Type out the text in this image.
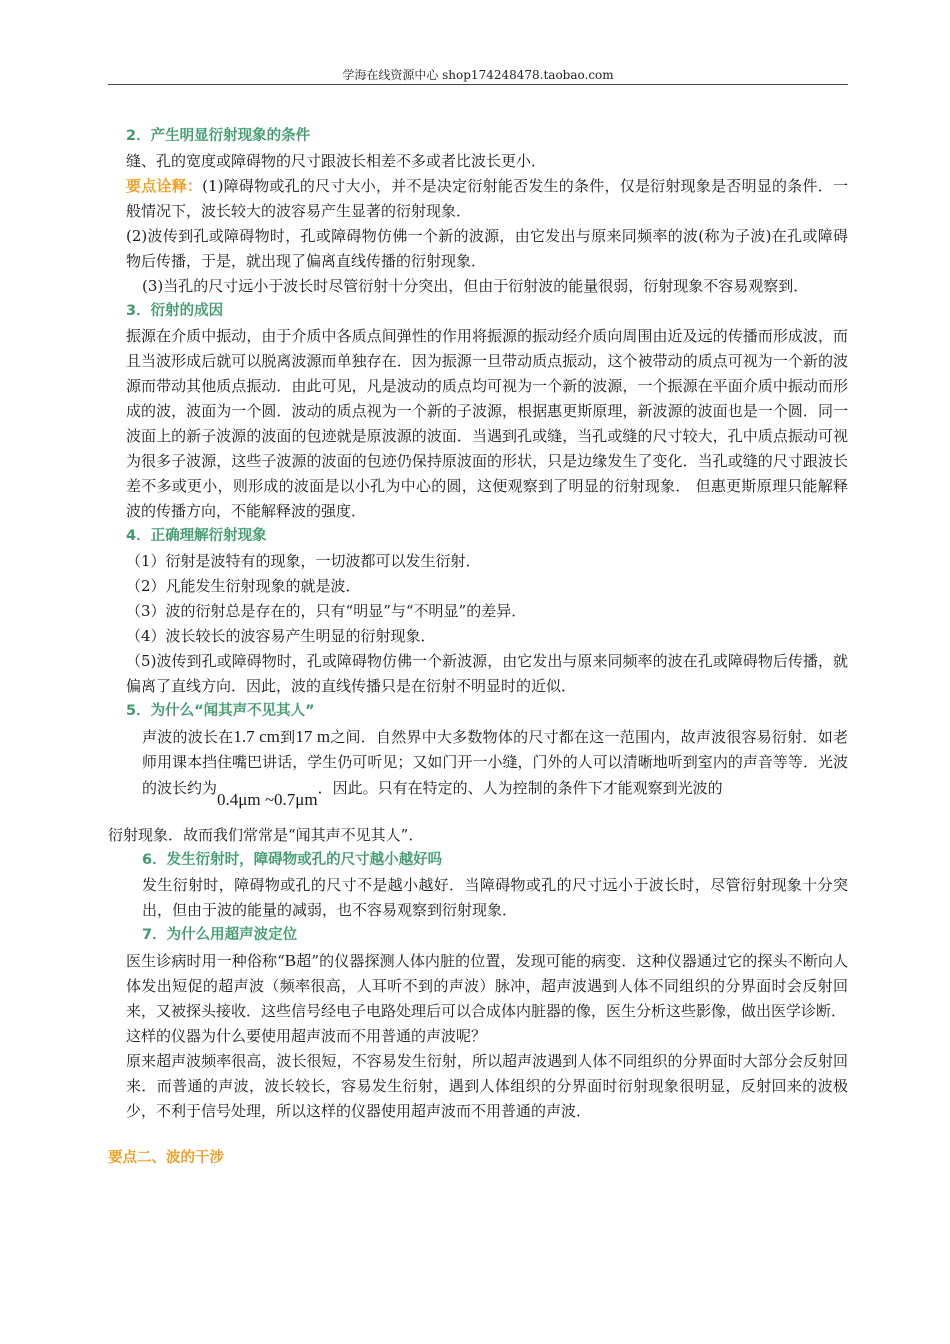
学海在线资源中心 shop174248478.taobao.com

2．产生明显衍射现象的条件

缝、孔的宽度或障碍物的尺寸跟波长相差不多或者比波长更小．

要点诠释：(1)障碍物或孔的尺寸大小，并不是决定衍射能否发生的条件，仅是衍射现象是否明显的条件．一般情况下，波长较大的波容易产生显著的衍射现象．

(2)波传到孔或障碍物时，孔或障碍物仿佛一个新的波源，由它发出与原来同频率的波(称为子波)在孔或障碍物后传播，于是，就出现了偏离直线传播的衍射现象．

(3)当孔的尺寸远小于波长时尽管衍射十分突出，但由于衍射波的能量很弱，衍射现象不容易观察到．

3．衍射的成因

振源在介质中振动，由于介质中各质点间弹性的作用将振源的振动经介质向周围由近及远的传播而形成波，而且当波形成后就可以脱离波源而单独存在．因为振源一旦带动质点振动，这个被带动的质点可视为一个新的波源而带动其他质点振动．由此可见，凡是波动的质点均可视为一个新的波源，一个振源在平面介质中振动而形成的波，波面为一个圆．波动的质点视为一个新的子波源，根据惠更斯原理，新波源的波面也是一个圆．同一波面上的新子波源的波面的包迹就是原波源的波面．当遇到孔或缝，当孔或缝的尺寸较大，孔中质点振动可视为很多子波源，这些子波源的波面的包迹仍保持原波面的形状，只是边缘发生了变化．当孔或缝的尺寸跟波长差不多或更小，则形成的波面是以小孔为中心的圆，这便观察到了明显的衍射现象． 但惠更斯原理只能解释波的传播方向，不能解释波的强度．

4．正确理解衍射现象

（1）衍射是波特有的现象，一切波都可以发生衍射．

（2）凡能发生衍射现象的就是波．

（3）波的衍射总是存在的，只有“明显”与“不明显”的差异．

（4）波长较长的波容易产生明显的衍射现象．

（5)波传到孔或障碍物时，孔或障碍物仿佛一个新波源，由它发出与原来同频率的波在孔或障碍物后传播，就偏离了直线方向．因此，波的直线传播只是在衍射不明显时的近似．

5．为什么“闻其声不见其人”

声波的波长在1.7 cm到17 m之间．自然界中大多数物体的尺寸都在这一范围内，故声波很容易衍射．如老师用课本挡住嘴巴讲话，学生仍可听见；又如门开一小缝，门外的人可以清晰地听到室内的声音等等．光波的波长约为0.4μm ~0.7μm．因此。只有在特定的、人为控制的条件下才能观察到光波的

衍射现象．故而我们常常是“闻其声不见其人”．

6．发生衍射时，障碍物或孔的尺寸越小越好吗

发生衍射时，障碍物或孔的尺寸不是越小越好．当障碍物或孔的尺寸远小于波长时，尽管衍射现象十分突出，但由于波的能量的减弱，也不容易观察到衍射现象．

7．为什么用超声波定位

医生诊病时用一种俗称“B超”的仪器探测人体内脏的位置，发现可能的病变．这种仪器通过它的探头不断向人体发出短促的超声波（频率很高，人耳听不到的声波）脉冲，超声波遇到人体不同组织的分界面时会反射回来，又被探头接收．这些信号经电子电路处理后可以合成体内脏器的像，医生分析这些影像，做出医学诊断．

这样的仪器为什么要使用超声波而不用普通的声波呢？

原来超声波频率很高，波长很短，不容易发生衍射，所以超声波遇到人体不同组织的分界面时大部分会反射回来．而普通的声波，波长较长，容易发生衍射，遇到人体组织的分界面时衍射现象很明显，反射回来的波极少，不利于信号处理，所以这样的仪器使用超声波而不用普通的声波．

要点二、波的干涉
